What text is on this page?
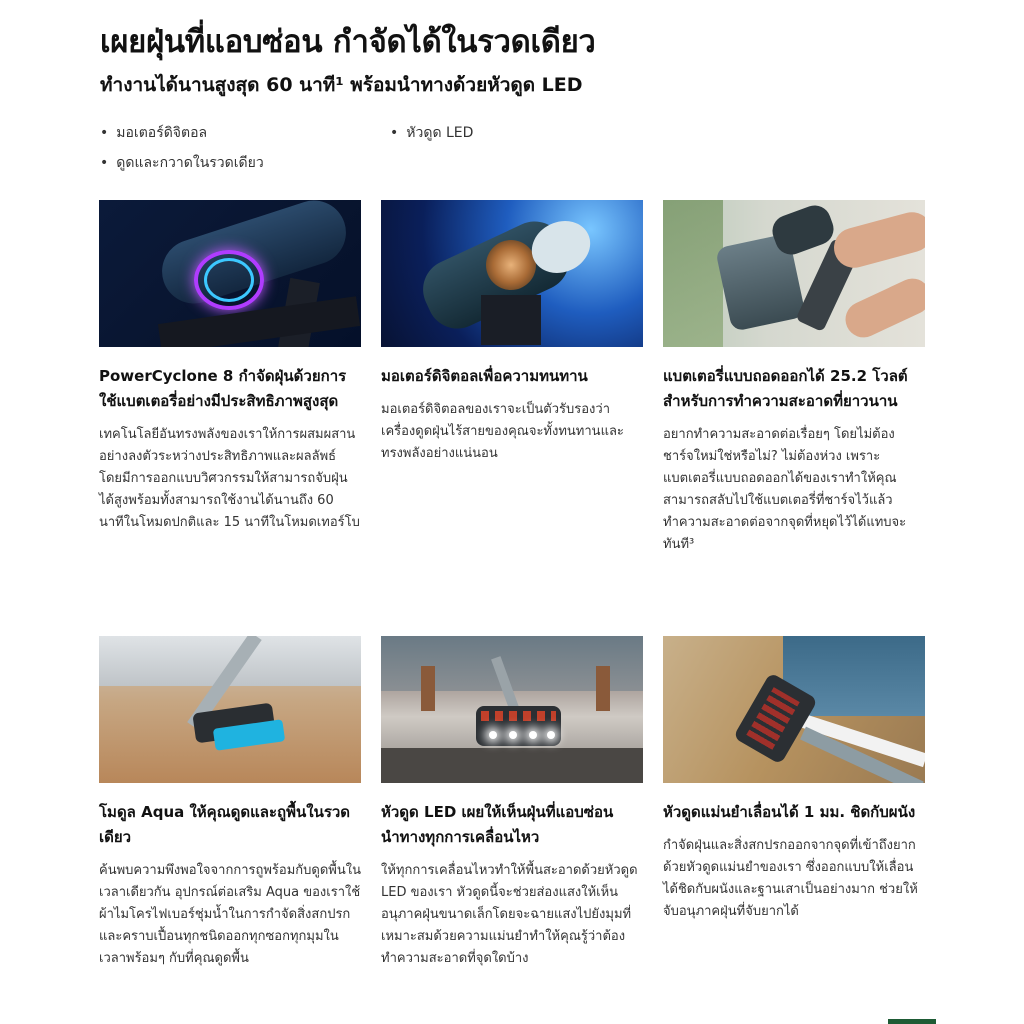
เผยฝุ่นที่แอบซ่อน กำจัดได้ในรวดเดียว
ทำงานได้นานสูงสุด 60 นาที¹ พร้อมนำทางด้วยหัวดูด LED
• มอเตอร์ดิจิตอล
• ดูดและกวาดในรวดเดียว
• หัวดูด LED
PowerCyclone 8 กำจัดฝุ่นด้วยการใช้แบตเตอรี่อย่างมีประสิทธิภาพสูงสุด

เทคโนโลยีอันทรงพลังของเราให้การผสมผสานอย่างลงตัวระหว่างประสิทธิภาพและผลลัพธ์ โดยมีการออกแบบวิศวกรรมให้สามารถจับฝุ่นได้สูงพร้อมทั้งสามารถใช้งานได้นานถึง 60 นาทีในโหมดปกติและ 15 นาทีในโหมดเทอร์โบ

มอเตอร์ดิจิตอลเพื่อความทนทาน

มอเตอร์ดิจิตอลของเราจะเป็นตัวรับรองว่าเครื่องดูดฝุ่นไร้สายของคุณจะทั้งทนทานและทรงพลังอย่างแน่นอน

แบตเตอรี่แบบถอดออกได้ 25.2 โวลต์สำหรับการทำความสะอาดที่ยาวนาน

อยากทำความสะอาดต่อเรื่อยๆ โดยไม่ต้องชาร์จใหม่ใช่หรือไม่? ไม่ต้องห่วง เพราะแบตเตอรี่แบบถอดออกได้ของเราทำให้คุณสามารถสลับไปใช้แบตเตอรี่ที่ชาร์จไว้แล้วทำความสะอาดต่อจากจุดที่หยุดไว้ได้แทบจะทันที³

โมดูล Aqua ให้คุณดูดและถูพื้นในรวดเดียว

ค้นพบความพึงพอใจจากการถูพร้อมกับดูดพื้นในเวลาเดียวกัน อุปกรณ์ต่อเสริม Aqua ของเราใช้ผ้าไมโครไฟเบอร์ชุ่มน้ำในการกำจัดสิ่งสกปรกและคราบเปื้อนทุกชนิดออกทุกซอกทุกมุมในเวลาพร้อมๆ กับที่คุณดูดพื้น

หัวดูด LED เผยให้เห็นฝุ่นที่แอบซ่อน นำทางทุกการเคลื่อนไหว

ให้ทุกการเคลื่อนไหวทำให้พื้นสะอาดด้วยหัวดูด LED ของเรา หัวดูดนี้จะช่วยส่องแสงให้เห็นอนุภาคฝุ่นขนาดเล็กโดยจะฉายแสงไปยังมุมที่เหมาะสมด้วยความแม่นยำทำให้คุณรู้ว่าต้องทำความสะอาดที่จุดใดบ้าง

หัวดูดแม่นยำเลื่อนได้ 1 มม. ชิดกับผนัง

กำจัดฝุ่นและสิ่งสกปรกออกจากจุดที่เข้าถึงยากด้วยหัวดูดแม่นยำของเรา ซึ่งออกแบบให้เลื่อนได้ชิดกับผนังและฐานเสาเป็นอย่างมาก ช่วยให้จับอนุภาคฝุ่นที่จับยากได้
